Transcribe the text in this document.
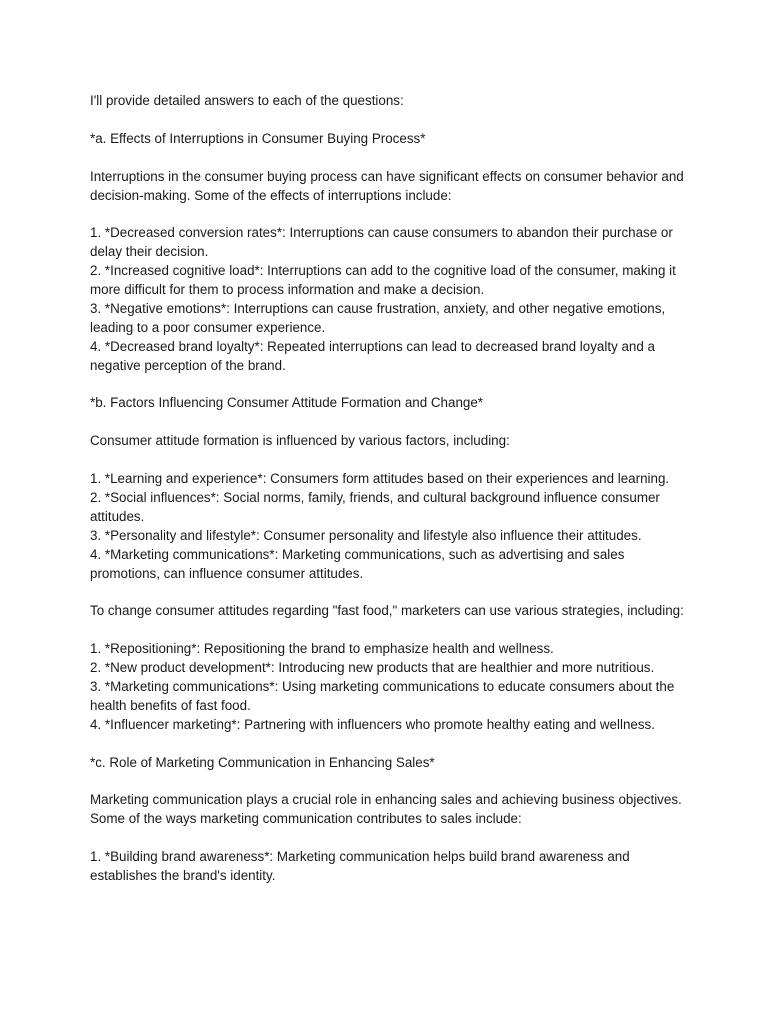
I'll provide detailed answers to each of the questions:

*a. Effects of Interruptions in Consumer Buying Process*

Interruptions in the consumer buying process can have significant effects on consumer behavior and decision-making. Some of the effects of interruptions include:

1. *Decreased conversion rates*: Interruptions can cause consumers to abandon their purchase or delay their decision.
2. *Increased cognitive load*: Interruptions can add to the cognitive load of the consumer, making it more difficult for them to process information and make a decision.
3. *Negative emotions*: Interruptions can cause frustration, anxiety, and other negative emotions, leading to a poor consumer experience.
4. *Decreased brand loyalty*: Repeated interruptions can lead to decreased brand loyalty and a negative perception of the brand.

*b. Factors Influencing Consumer Attitude Formation and Change*

Consumer attitude formation is influenced by various factors, including:

1. *Learning and experience*: Consumers form attitudes based on their experiences and learning.
2. *Social influences*: Social norms, family, friends, and cultural background influence consumer attitudes.
3. *Personality and lifestyle*: Consumer personality and lifestyle also influence their attitudes.
4. *Marketing communications*: Marketing communications, such as advertising and sales promotions, can influence consumer attitudes.

To change consumer attitudes regarding "fast food," marketers can use various strategies, including:

1. *Repositioning*: Repositioning the brand to emphasize health and wellness.
2. *New product development*: Introducing new products that are healthier and more nutritious.
3. *Marketing communications*: Using marketing communications to educate consumers about the health benefits of fast food.
4. *Influencer marketing*: Partnering with influencers who promote healthy eating and wellness.

*c. Role of Marketing Communication in Enhancing Sales*

Marketing communication plays a crucial role in enhancing sales and achieving business objectives. Some of the ways marketing communication contributes to sales include:

1. *Building brand awareness*: Marketing communication helps build brand awareness and establishes the brand's identity.
